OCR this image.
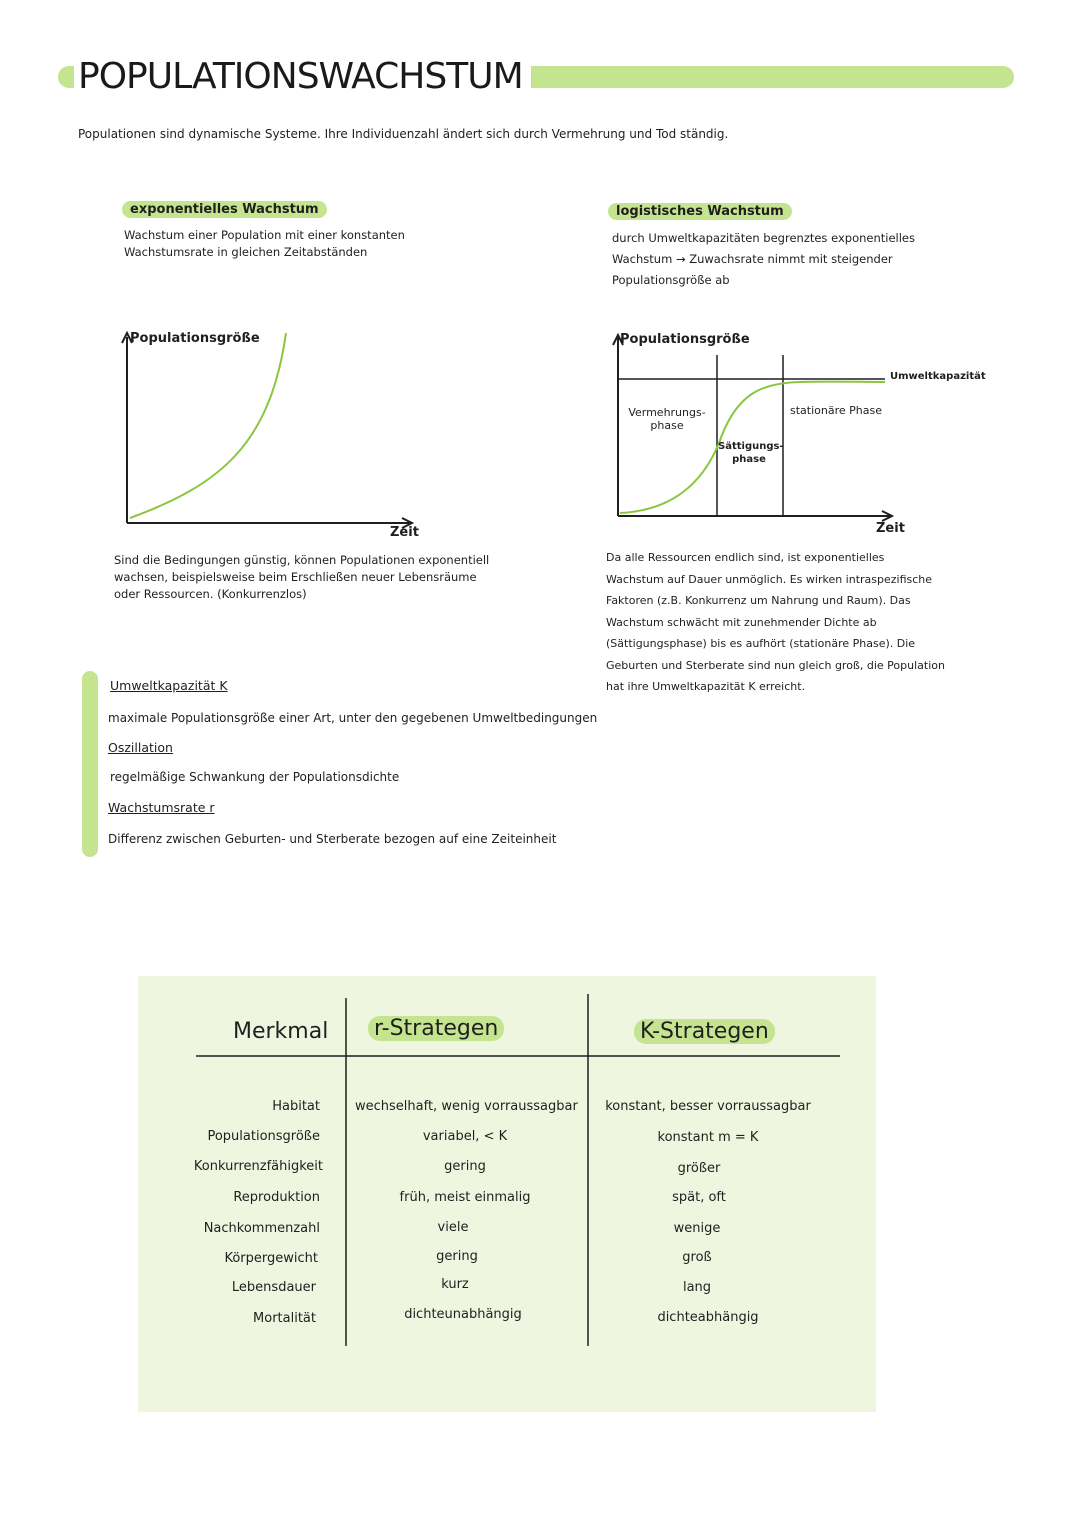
POPULATIONSWACHSTUM
Populationen sind dynamische Systeme. Ihre Individuenzahl ändert sich durch Vermehrung und Tod ständig.
exponentielles Wachstum
Wachstum einer Population mit einer konstanten
Wachstumsrate in gleichen Zeitabständen
Populationsgröße
Zeit
Sind die Bedingungen günstig, können Populationen exponentiell
wachsen, beispielsweise beim Erschließen neuer Lebensräume
oder Ressourcen. (Konkurrenzlos)
logistisches Wachstum
durch Umweltkapazitäten begrenztes exponentielles
Wachstum → Zuwachsrate nimmt mit steigender
Populationsgröße ab
Populationsgröße
Zeit
Umweltkapazität
Vermehrungs-
phase
Sättigungs-
phase
stationäre Phase
Da alle Ressourcen endlich sind, ist exponentielles
Wachstum auf Dauer unmöglich. Es wirken intraspezifische
Faktoren (z.B. Konkurrenz um Nahrung und Raum). Das
Wachstum schwächt mit zunehmender Dichte ab
(Sättigungsphase) bis es aufhört (stationäre Phase). Die
Geburten und Sterberate sind nun gleich groß, die Population
hat ihre Umweltkapazität K erreicht.
Umweltkapazität K
maximale Populationsgröße einer Art, unter den gegebenen Umweltbedingungen
Oszillation
regelmäßige Schwankung der Populationsdichte
Wachstumsrate r
Differenz zwischen Geburten- und Sterberate bezogen auf eine Zeiteinheit
Merkmal r-Strategen	K-Strategen
Habitat
Populationsgröße
Konkurrenzfähigkeit
Reproduktion
Nachkommenzahl
Körpergewicht
Lebensdauer
Mortalität
wechselhaft, wenig vorraussagbar
variabel, < K
gering
früh, meist einmalig
viele
gering
kurz
dichteunabhängig
konstant, besser vorraussagbar
konstant m = K
größer
spät, oft
wenige
groß
lang
dichteabhängig
